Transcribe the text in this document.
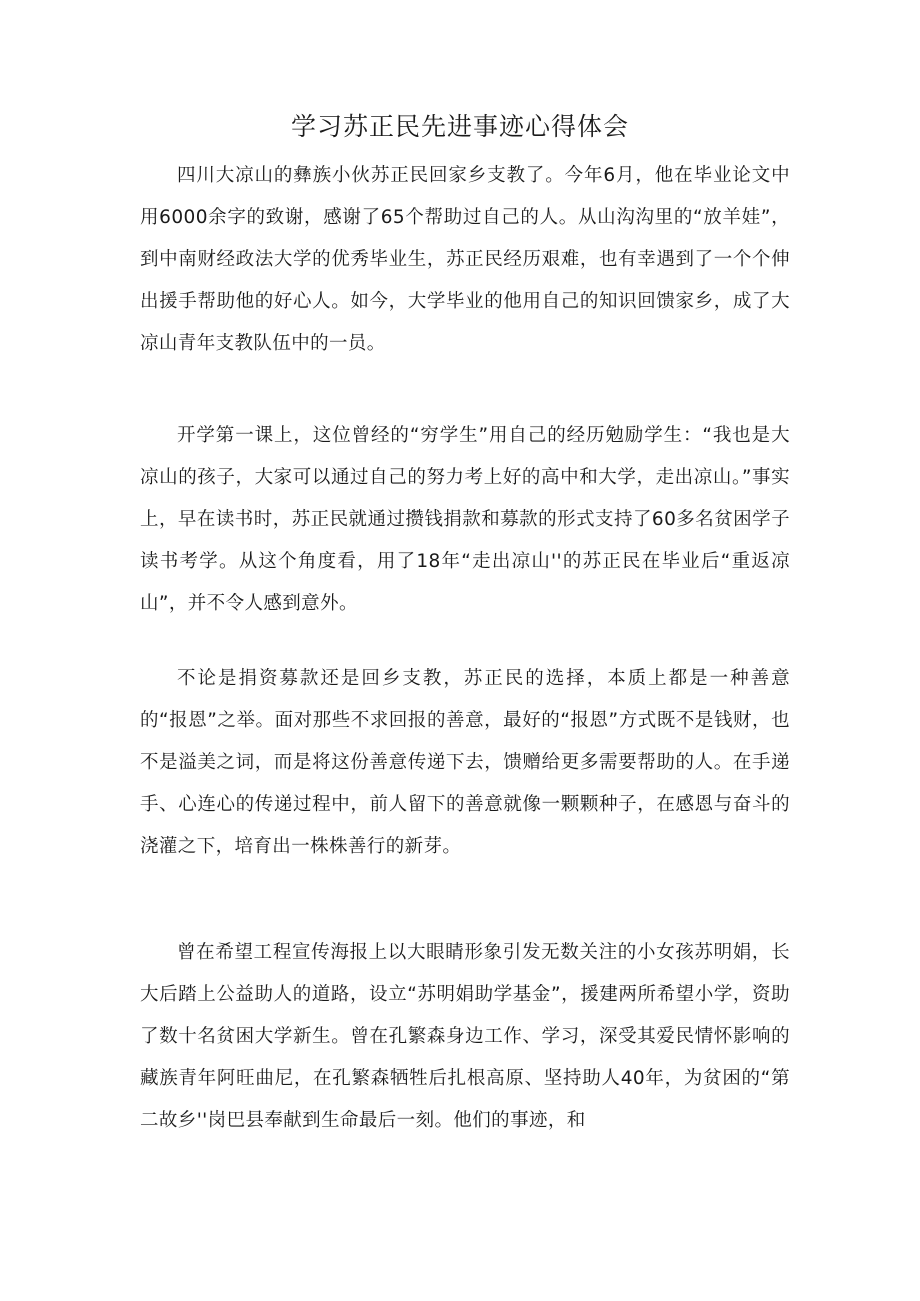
学习苏正民先进事迹心得体会

四川大凉山的彝族小伙苏正民回家乡支教了。今年6月，他在毕业论文中用6000余字的致谢，感谢了65个帮助过自己的人。从山沟沟里的“放羊娃”，到中南财经政法大学的优秀毕业生，苏正民经历艰难，也有幸遇到了一个个伸出援手帮助他的好心人。如今，大学毕业的他用自己的知识回馈家乡，成了大凉山青年支教队伍中的一员。

开学第一课上，这位曾经的“穷学生”用自己的经历勉励学生：“我也是大凉山的孩子，大家可以通过自己的努力考上好的高中和大学，走出凉山。”事实上，早在读书时，苏正民就通过攒钱捐款和募款的形式支持了60多名贫困学子读书考学。从这个角度看，用了18年“走出凉山''的苏正民在毕业后“重返凉山”，并不令人感到意外。

不论是捐资募款还是回乡支教，苏正民的选择，本质上都是一种善意的“报恩”之举。面对那些不求回报的善意，最好的“报恩”方式既不是钱财，也不是溢美之词，而是将这份善意传递下去，馈赠给更多需要帮助的人。在手递手、心连心的传递过程中，前人留下的善意就像一颗颗种子，在感恩与奋斗的浇灌之下，培育出一株株善行的新芽。

曾在希望工程宣传海报上以大眼睛形象引发无数关注的小女孩苏明娟，长大后踏上公益助人的道路，设立“苏明娟助学基金”，援建两所希望小学，资助了数十名贫困大学新生。曾在孔繁森身边工作、学习，深受其爱民情怀影响的藏族青年阿旺曲尼，在孔繁森牺牲后扎根高原、坚持助人40年，为贫困的“第二故乡''岗巴县奉献到生命最后一刻。他们的事迹，和
